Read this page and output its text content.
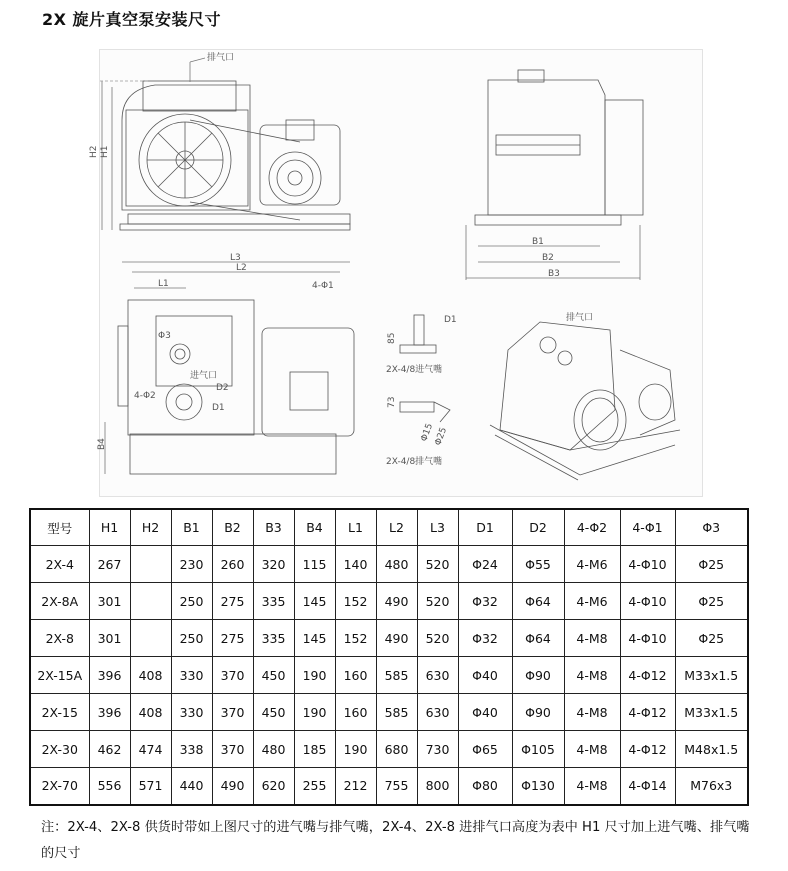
2X 旋片真空泵安装尺寸
排气口
H2 H1
B1
B2
B3
L3
L2
L1	4-Φ1
Φ3
进气口
4-Φ2
D2
D1
B4
D1
85
2X-4/8进气嘴
73
Φ15
Φ25
2X-4/8排气嘴
排气口
型号	H1	H2	B1	B2	B3	B4	L1	L2	L3	D1	D2	4-Φ2	4-Φ1	Φ3
2X-4	267		230	260	320	115	140	480	520	Φ24	Φ55	4-M6	4-Φ10	Φ25
2X-8A	301		250	275	335	145	152	490	520	Φ32	Φ64	4-M6	4-Φ10	Φ25
2X-8	301		250	275	335	145	152	490	520	Φ32	Φ64	4-M8	4-Φ10	Φ25
2X-15A	396	408	330	370	450	190	160	585	630	Φ40	Φ90	4-M8	4-Φ12	M33x1.5
2X-15	396	408	330	370	450	190	160	585	630	Φ40	Φ90	4-M8	4-Φ12	M33x1.5
2X-30	462	474	338	370	480	185	190	680	730	Φ65	Φ105	4-M8	4-Φ12	M48x1.5
2X-70	556	571	440	490	620	255	212	755	800	Φ80	Φ130	4-M8	4-Φ14	M76x3
注：2X-4、2X-8 供货时带如上图尺寸的进气嘴与排气嘴，2X-4、2X-8 进排气口高度为表中 H1 尺寸加上进气嘴、排气嘴的尺寸
